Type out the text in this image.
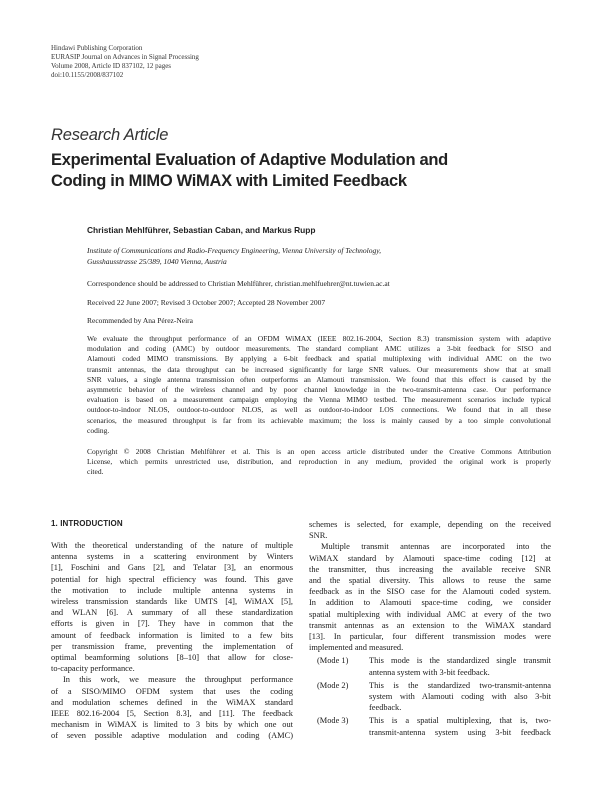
Hindawi Publishing Corporation
EURASIP Journal on Advances in Signal Processing
Volume 2008, Article ID 837102, 12 pages
doi:10.1155/2008/837102
Research Article
Experimental Evaluation of Adaptive Modulation and
Coding in MIMO WiMAX with Limited Feedback
Christian Mehlführer, Sebastian Caban, and Markus Rupp
Institute of Communications and Radio-Frequency Engineering, Vienna University of Technology,
Gusshausstrasse 25/389, 1040 Vienna, Austria
Correspondence should be addressed to Christian Mehlführer, christian.mehlfuehrer@nt.tuwien.ac.at
Received 22 June 2007; Revised 3 October 2007; Accepted 28 November 2007
Recommended by Ana Pérez-Neira
We evaluate the throughput performance of an OFDM WiMAX (IEEE 802.16-2004, Section 8.3) transmission system with adaptive
modulation and coding (AMC) by outdoor measurements. The standard compliant AMC utilizes a 3-bit feedback for SISO and
Alamouti coded MIMO transmissions. By applying a 6-bit feedback and spatial multiplexing with individual AMC on the two
transmit antennas, the data throughput can be increased significantly for large SNR values. Our measurements show that at small
SNR values, a single antenna transmission often outperforms an Alamouti transmission. We found that this effect is caused by the
asymmetric behavior of the wireless channel and by poor channel knowledge in the two-transmit-antenna case. Our performance
evaluation is based on a measurement campaign employing the Vienna MIMO testbed. The measurement scenarios include typical
outdoor-to-indoor NLOS, outdoor-to-outdoor NLOS, as well as outdoor-to-indoor LOS connections. We found that in all these
scenarios, the measured throughput is far from its achievable maximum; the loss is mainly caused by a too simple convolutional
coding.
Copyright © 2008 Christian Mehlführer et al. This is an open access article distributed under the Creative Commons Attribution
License, which permits unrestricted use, distribution, and reproduction in any medium, provided the original work is properly
cited.
1. INTRODUCTION
With the theoretical understanding of the nature of multiple
antenna systems in a scattering environment by Winters
[1], Foschini and Gans [2], and Telatar [3], an enormous
potential for high spectral efficiency was found. This gave
the motivation to include multiple antenna systems in
wireless transmission standards like UMTS [4], WiMAX [5],
and WLAN [6]. A summary of all these standardization
efforts is given in [7]. They have in common that the
amount of feedback information is limited to a few bits
per transmission frame, preventing the implementation of
optimal beamforming solutions [8–10] that allow for close-
to-capacity performance.
In this work, we measure the throughput performance
of a SISO/MIMO OFDM system that uses the coding
and modulation schemes defined in the WiMAX standard
IEEE 802.16-2004 [5, Section 8.3], and [11]. The feedback
mechanism in WiMAX is limited to 3 bits by which one out
of seven possible adaptive modulation and coding (AMC)
schemes is selected, for example, depending on the received
SNR.
Multiple transmit antennas are incorporated into the
WiMAX standard by Alamouti space-time coding [12] at
the transmitter, thus increasing the available receive SNR
and the spatial diversity. This allows to reuse the same
feedback as in the SISO case for the Alamouti coded system.
In addition to Alamouti space-time coding, we consider
spatial multiplexing with individual AMC at every of the two
transmit antennas as an extension to the WiMAX standard
[13]. In particular, four different transmission modes were
implemented and measured.
(Mode 1) This mode is the standardized single transmit
antenna system with 3-bit feedback.
(Mode 2) This is the standardized two-transmit-antenna
system with Alamouti coding with also 3-bit
feedback.
(Mode 3) This is a spatial multiplexing, that is, two-
transmit-antenna system using 3-bit feedback
